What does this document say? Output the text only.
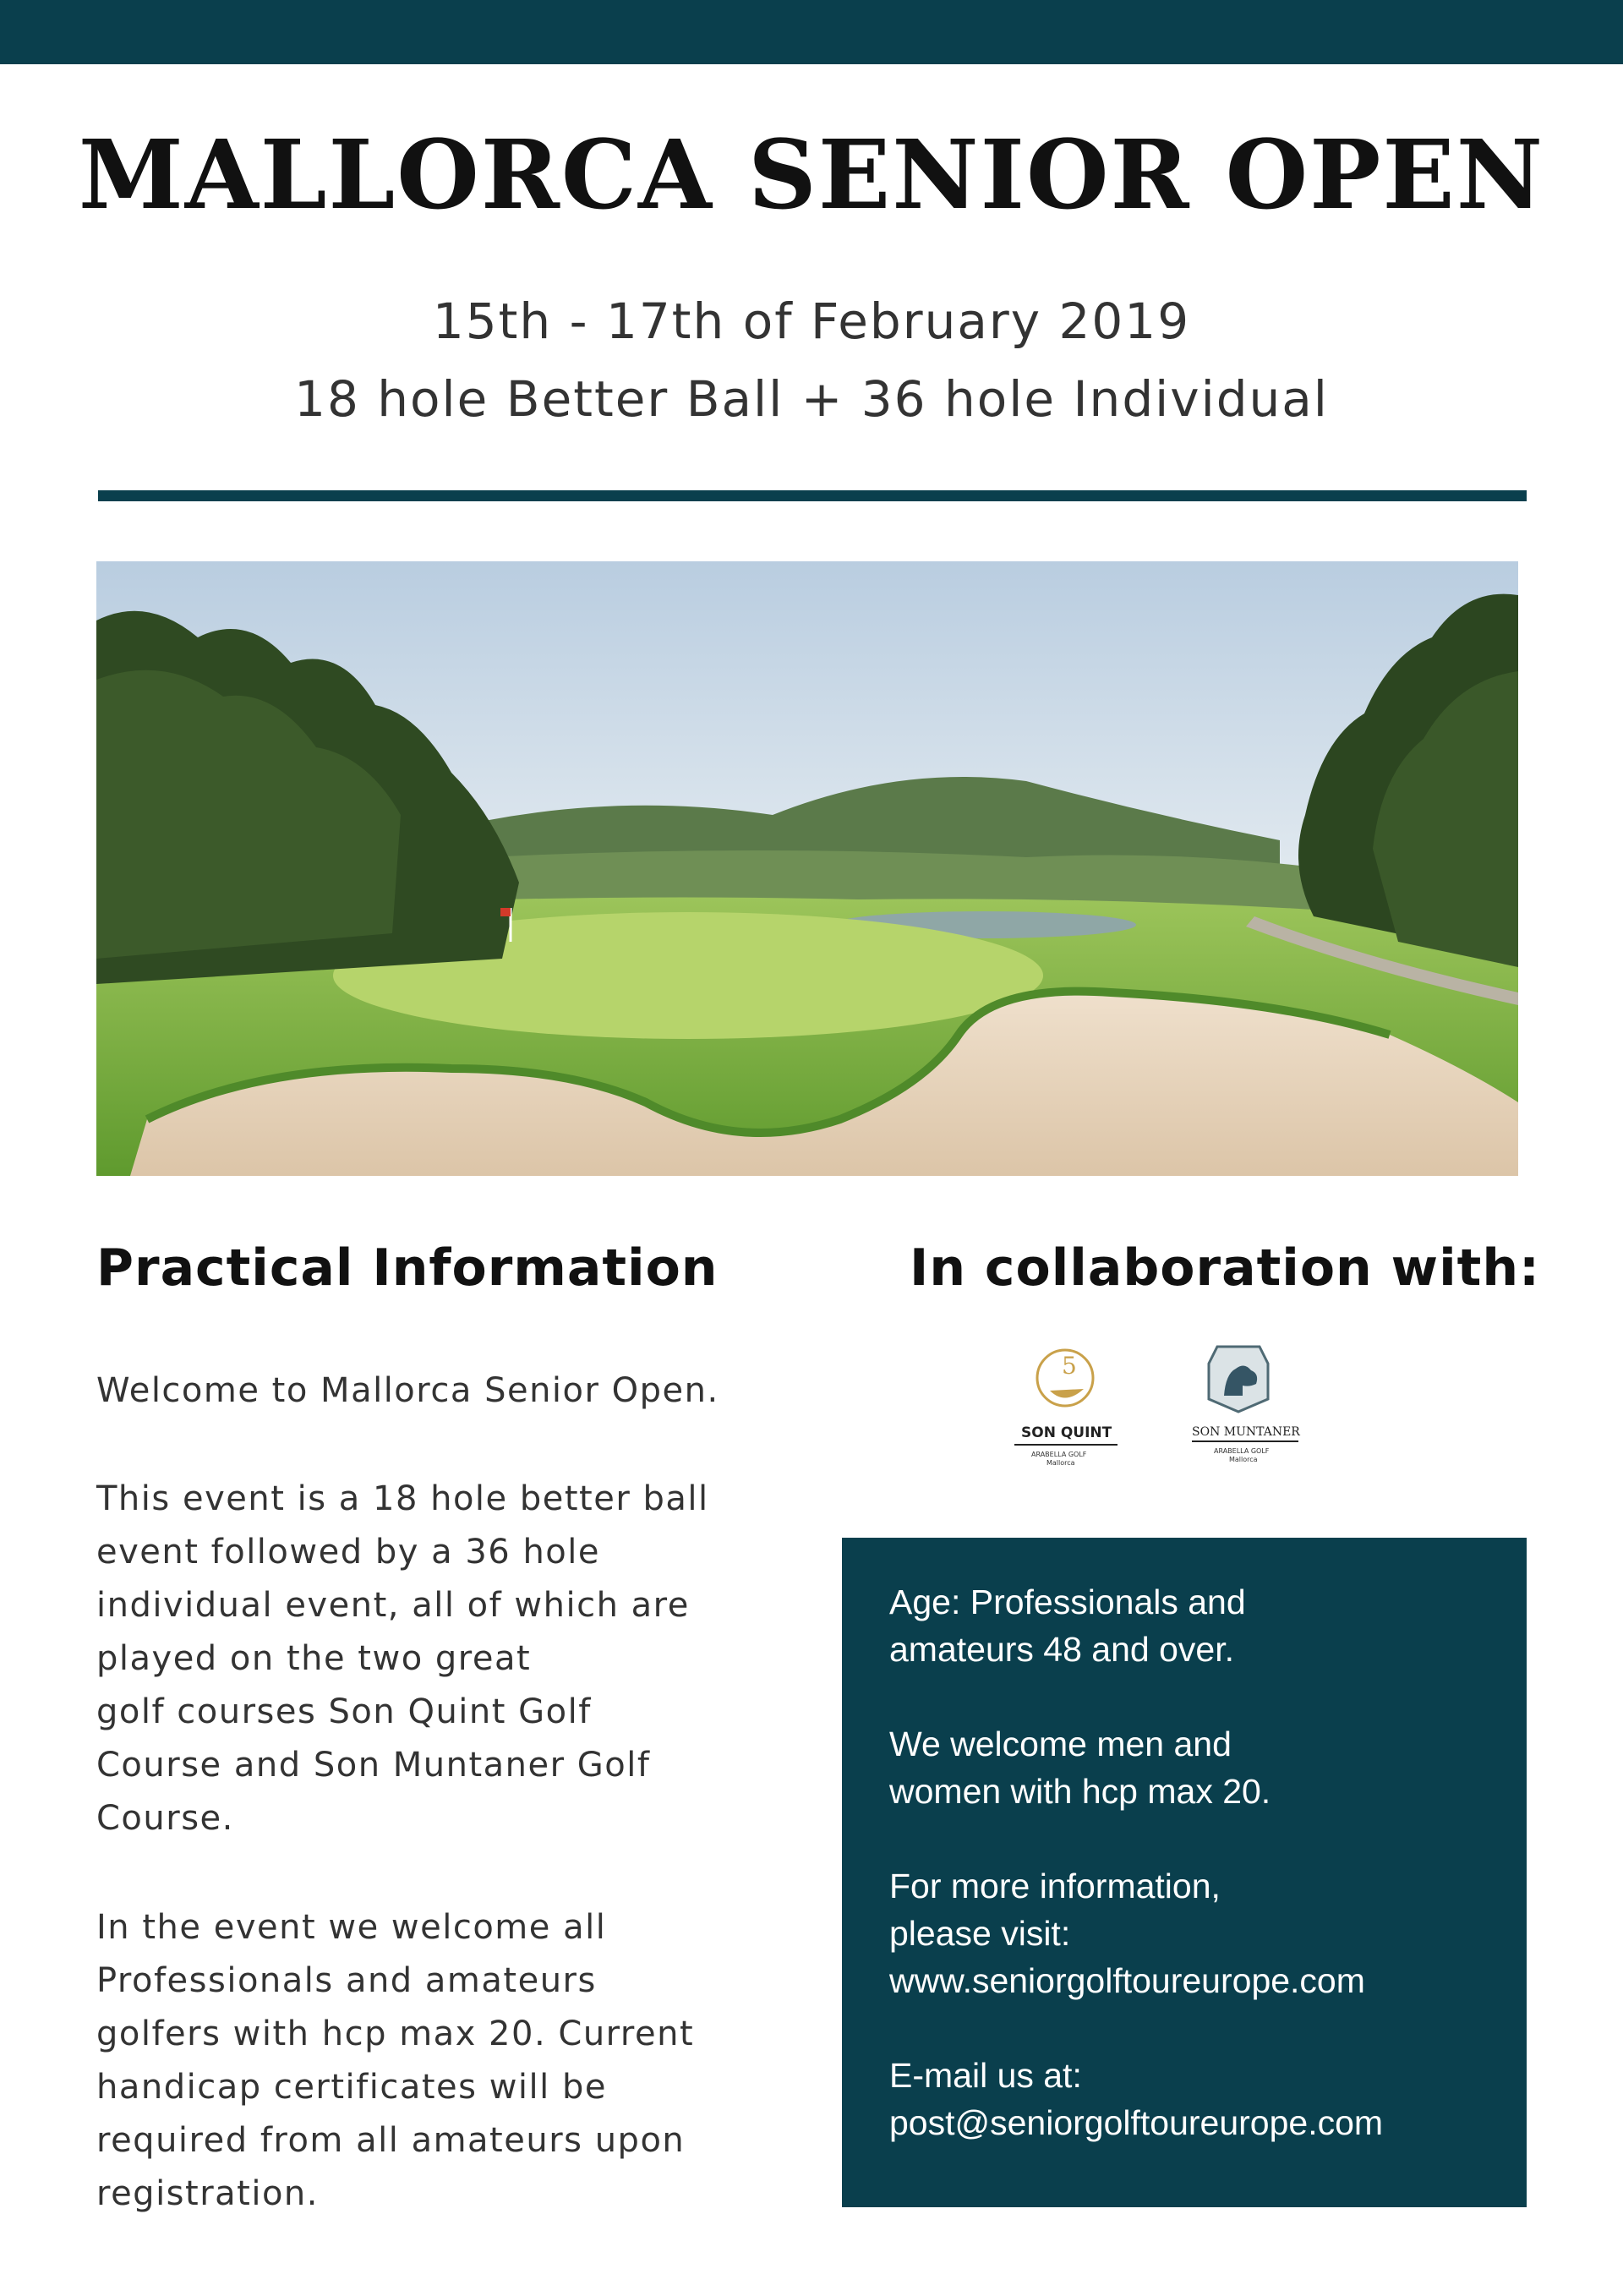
MALLORCA SENIOR OPEN
15th - 17th of February 2019
18 hole Better Ball + 36 hole Individual
Practical Information	In collaboration with:
Welcome to Mallorca Senior Open.
This event is a 18 hole better ball
event followed by a 36 hole
individual event, all of which are
played on the two great
golf courses Son Quint Golf
Course and Son Muntaner Golf
Course.
In the event we welcome all
Professionals and amateurs
golfers with hcp max 20. Current
handicap certificates will be
required from all amateurs upon
registration.
5
SON QUINT
ARABELLA GOLF
Mallorca
SON MUNTANER
ARABELLA GOLF
Mallorca
Age: Professionals and
amateurs 48 and over.
We welcome men and
women with hcp max 20.
For more information,
please visit:
www.seniorgolftoureurope.com
E-mail us at:
post@seniorgolftoureurope.com
